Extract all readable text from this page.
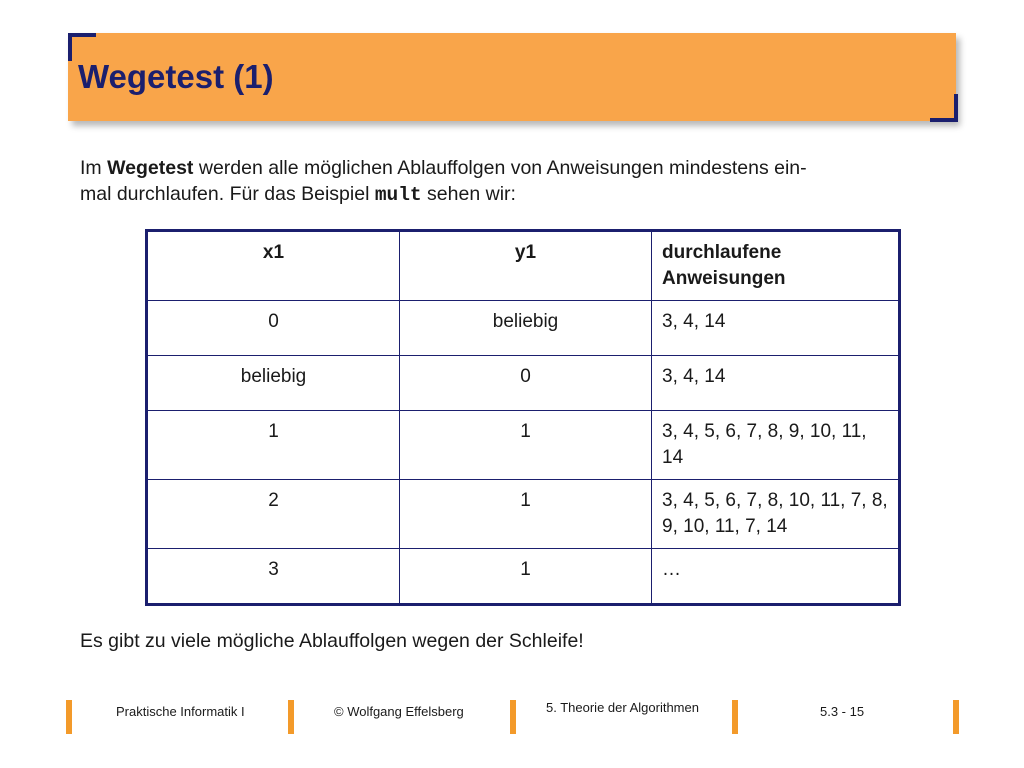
Wegetest (1)
Im Wegetest werden alle möglichen Ablauffolgen von Anweisungen mindestens ein-
mal durchlaufen. Für das Beispiel mult sehen wir:
x1	y1	durchlaufene Anweisungen
0	beliebig	3, 4, 14
beliebig	0	3, 4, 14
1	1	3, 4, 5, 6, 7, 8, 9, 10, 11, 14
2	1	3, 4, 5, 6, 7, 8, 10, 11, 7, 8, 9, 10, 11, 7, 14
3	1	…
Es gibt zu viele mögliche Ablauffolgen wegen der Schleife!
Praktische Informatik I	© Wolfgang Effelsberg	5. Theorie der Algorithmen	5.3 - 15
